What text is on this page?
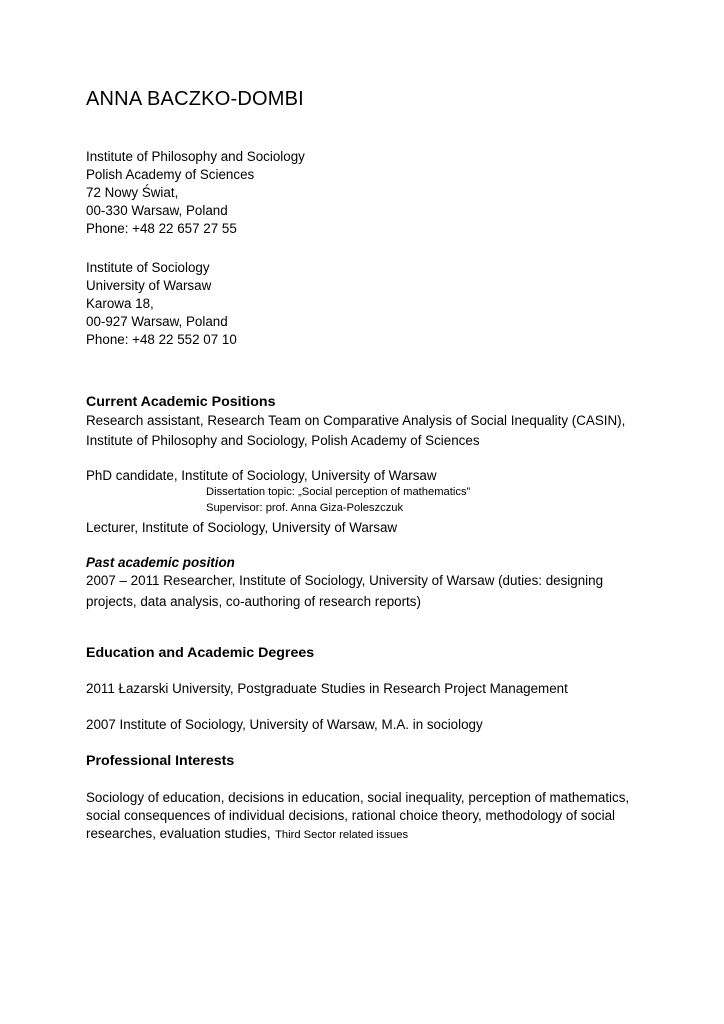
ANNA BACZKO-DOMBI
Institute of Philosophy and Sociology
Polish Academy of Sciences
72 Nowy Świat,
00-330 Warsaw, Poland
Phone: +48 22 657 27 55
Institute of Sociology
University of Warsaw
Karowa 18,
00-927 Warsaw, Poland
Phone: +48 22 552 07 10
Current Academic Positions
Research assistant, Research Team on Comparative Analysis of Social Inequality (CASIN),
Institute of Philosophy and Sociology, Polish Academy of Sciences
PhD candidate, Institute of Sociology, University of Warsaw
Dissertation topic: „Social perception of mathematics”
Supervisor: prof. Anna Giza-Poleszczuk
Lecturer, Institute of Sociology, University of Warsaw
Past academic position
2007 – 2011 Researcher, Institute of Sociology, University of Warsaw (duties: designing
projects, data analysis, co-authoring of research reports)
Education and Academic Degrees
2011 Łazarski University, Postgraduate Studies in Research Project Management
2007 Institute of Sociology, University of Warsaw, M.A. in sociology
Professional Interests
Sociology of education, decisions in education, social inequality, perception of mathematics,
social consequences of individual decisions, rational choice theory, methodology of social
researches, evaluation studies, Third Sector related issues
